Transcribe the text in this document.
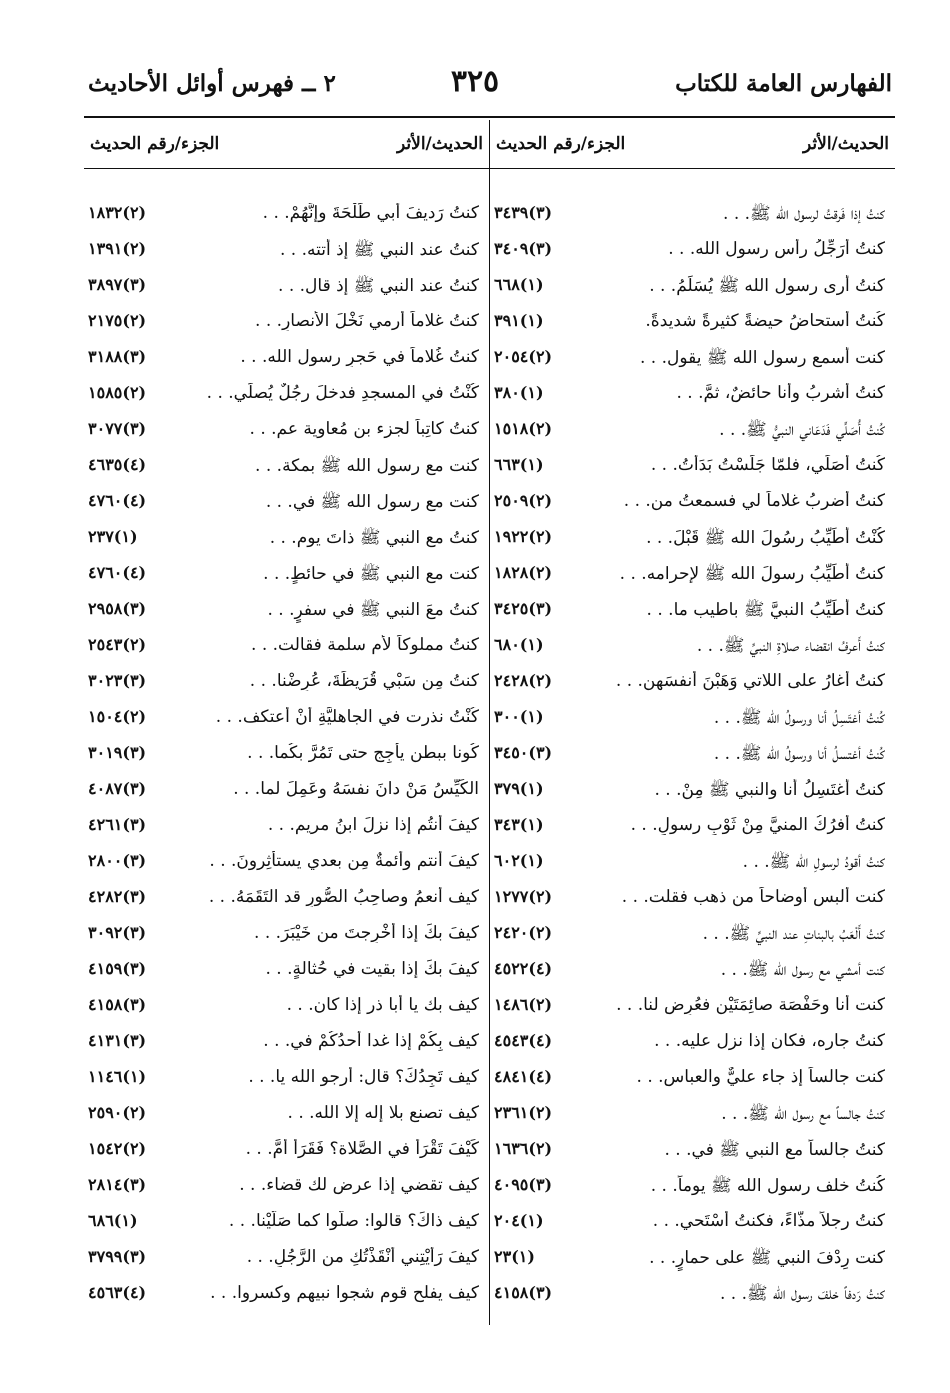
الفهارس العامة للكتاب
٣٢٥
٢ ــ فهرس أوائل الأحاديث
الحديث/الأثر
الجزء/رقم الحديث
كنتُ إذا فَرقتُ لرسول الله ﷺ. . .
(٣)٣٤٣٩
كنتُ أُرَجِّلُ رأس رسول الله. . .
(٣)٣٤٠٩
كنتُ أرى رسول الله ﷺ يُسَلِّمُ. . .
(١)٦٦٨
كُنتُ أُستحاضُ حيضةً كثيرةً شديدةً.
(١)٣٩١
كنت أسمع رسول الله ﷺ يقول. . .
(٢)٢٠٥٤
كنتُ أشربُ وأنا حائضٌ، ثمَّ. . .
(١)٣٨٠
كُنتُ أُصَلِّي فَدَعَاني النبيُّ ﷺ. . .
(٢)١٥١٨
كُنتُ أُصَلِّي، فلمّا جَلَسْتُ بَدَأْتُ. . .
(١)٦٦٣
كنتُ أضربُ غلاماً لي فسمعتُ من. . .
(٢)٢٥٠٩
كُنْتُ أُطَيِّبُ رسُولَ الله ﷺ قَبْلَ. . .
(٢)١٩٢٢
كنتُ أُطَيِّبُ رسولَ الله ﷺ لإحرامه. . .
(٢)١٨٢٨
كنتُ أُطَيِّبُ النبيَّ ﷺ باطيب ما. . .
(٣)٣٤٢٥
كنتُ أَعرفُ انقضاء صلاةِ النبيِّ ﷺ. . .
(١)٦٨٠
كنتُ أغارُ على اللاتي وَهَبْنَ أنفسَهن. . .
(٢)٢٤٢٨
كُنتُ أغتَسِلُ أنا ورسولُ الله ﷺ. . .
(١)٣٠٠
كُنتُ أغتسلُ أنا ورسولُ الله ﷺ. . .
(٣)٣٤٥٠
كنتُ أغتَسِلُ أنا والنبي ﷺ مِنْ. . .
(١)٣٧٩
كنتُ أفرُكُ المنيَّ مِنْ ثَوْبِ رسولِ. . .
(١)٣٤٣
كنتُ أقودُ لرسولِ الله ﷺ. . .
(١)٦٠٢
كنت ألبس أوضاحاً من ذهب فقلت. . .
(٢)١٢٧٧
كنتُ أَلْعَبُ بالبناتِ عند النبيِّ ﷺ. . .
(٢)٢٤٢٠
كنت أمشي مع رسول الله ﷺ. . .
(٤)٤٥٢٢
كنت أنا وحَفْصَة صائِمَتَيْن فعُرِض لنا. . .
(٢)١٤٨٦
كنتُ جاره، فكان إذا نزل عليه. . .
(٤)٤٥٤٣
كنت جالساً إذ جاء عليٌّ والعباس. . .
(٤)٤٨٤١
كنتُ جالساً مع رسول الله ﷺ. . .
(٢)٢٣٦١
كنتُ جالساً مع النبي ﷺ في. . .
(٢)١٦٣٦
كُنتُ خلف رسول الله ﷺ يوماً. . .
(٣)٤٠٩٥
كنتُ رجلاً مذّاءً، فكنتُ أَسْتَحي. . .
(١)٢٠٤
كنت رِدْفَ النبي ﷺ على حمارٍ. . .
(١)٢٣
كنتُ رَدفاً خلفَ رسول الله ﷺ. . .
(٣)٤١٥٨
الحديث/الأثر
الجزء/رقم الحديث
كنتُ رَديفَ أبي طَلْحَةَ وإِنَّهُمْ. . .
(٢)١٨٣٢
كنتُ عند النبي ﷺ إذ أتته. . .
(٢)١٣٩١
كنتُ عند النبي ﷺ إذ قال. . .
(٣)٣٨٩٧
كنتُ غلاماً أرمي نَخْلَ الأنصارِ. . .
(٢)٢١٧٥
كنتُ غُلاماً في حَجرِ رسول الله. . .
(٣)٣١٨٨
كُنْتُ في المسجدِ فدخلَ رجُلٌ يُصلِّي. . .
(٢)١٥٨٥
كنتُ كاتِباً لجزء بن مُعاوية عم. . .
(٣)٣٠٧٧
كنت مع رسول الله ﷺ بمكة. . .
(٤)٤٦٣٥
كنت مع رسول الله ﷺ في. . .
(٤)٤٧٦٠
كنتُ مع النبي ﷺ ذاتَ يوم. . .
(١)٢٣٧
كنت مع النبي ﷺ في حائطٍ. . .
(٤)٤٧٦٠
كنتُ معَ النبي ﷺ في سفرٍ. . .
(٣)٢٩٥٨
كنتُ مملوكاً لأم سلمة فقالت. . .
(٢)٢٥٤٣
كنتُ مِن سَبْيِ قُرَيظَةَ، عُرِضْنا. . .
(٣)٣٠٢٣
كُنْتُ نذرت في الجاهليَّةِ أنْ أعتكف. . .
(٢)١٥٠٤
كُونا ببطنِ يأجِجٍ حتى تَمُرَّ بكُما. . .
(٣)٣٠١٩
الكَيِّسُ مَنْ دانَ نفسَهُ وعَمِلَ لما. . .
(٣)٤٠٨٧
كيفَ أنتُم إذا نزلَ ابنُ مريم. . .
(٣)٤٢٦١
كيفَ أنتم وأئمةٌ مِن بعدي يستأثِرونَ. . .
(٣)٢٨٠٠
كيف أنعمُ وصاحِبُ الصُّورِ قد التَقَمَهُ. . .
(٣)٤٢٨٢
كيفَ بكَ إذا أُخْرِجتَ من خَيْبَرَ. . .
(٣)٣٠٩٢
كيفَ بكَ إذا بقيت في حُثالةٍ. . .
(٣)٤١٥٩
كيف بك يا أبا ذر إذا كان. . .
(٣)٤١٥٨
كيف بِكُمْ إذا غدا أحدُكُمْ في. . .
(٣)٤١٣١
كيف تَجِدُكَ؟ قال: أرجو الله يا. . .
(١)١١٤٦
كيف تصنع بلا إله إلا الله. . .
(٢)٢٥٩٠
كَيْفَ تَقْرَأُ في الصَّلاة؟ فَقَرَأَ أُمَّ. . .
(٢)١٥٤٢
كيف تقضي إذا عرض لك قضاء. . .
(٣)٢٨١٤
كيف ذاكَ؟ قالوا: صلَّوا كما صَلَّيْنا. . .
(١)٦٨٦
كيفَ رَأَيْتِني أَنْقَذْتُكِ من الرَّجُلِ. . .
(٣)٣٧٩٩
كيف يفلح قوم شجوا نبيهم وكسروا. . .
(٤)٤٥٦٣
